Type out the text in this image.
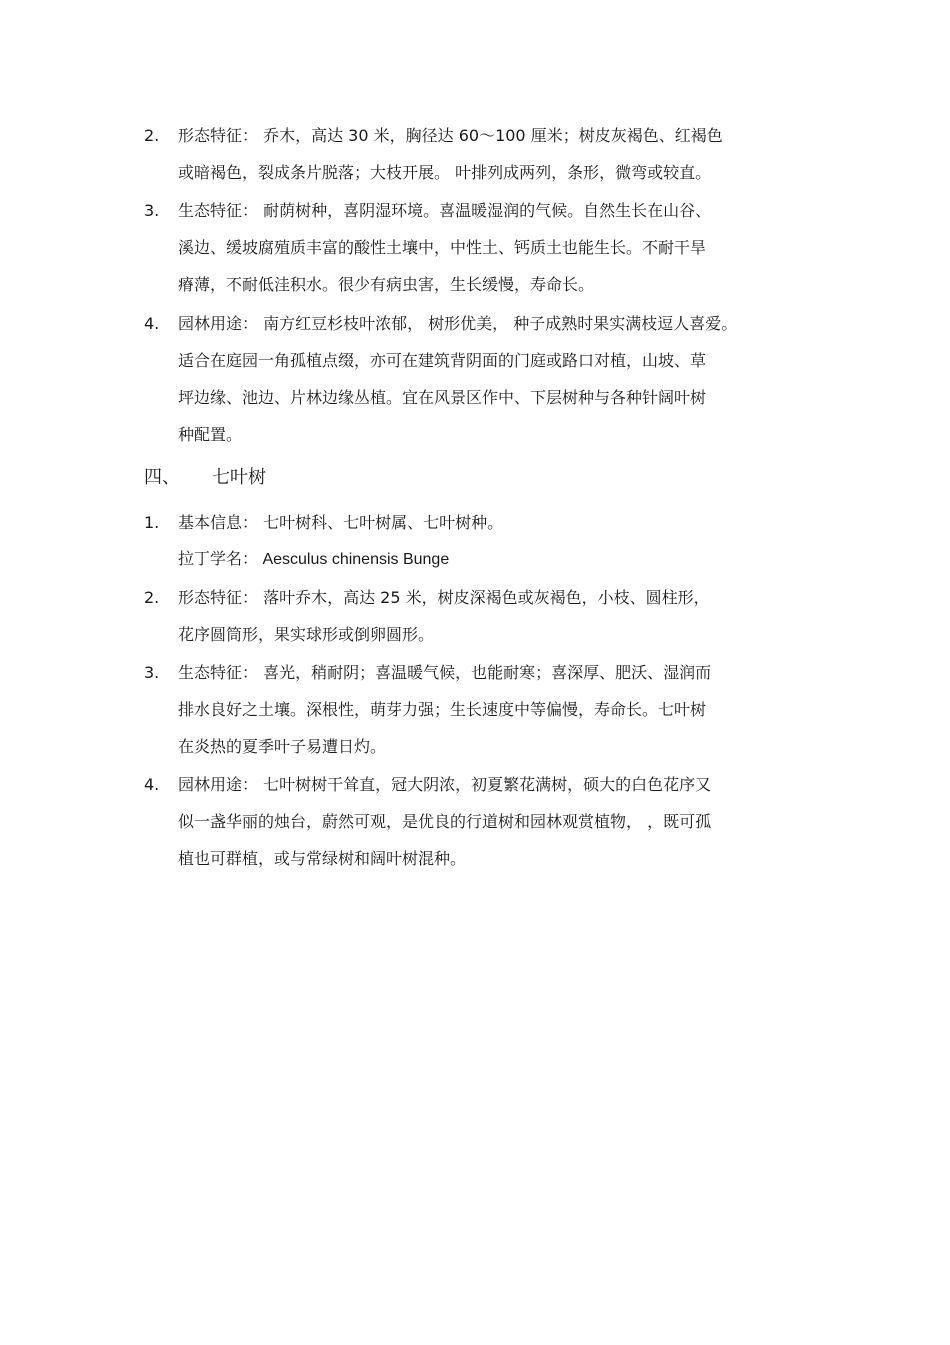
2. 形态特征： 乔木，高达 30 米，胸径达 60～100 厘米；树皮灰褐色、红褐色
或暗褐色，裂成条片脱落；大枝开展。 叶排列成两列，条形，微弯或较直。
3. 生态特征： 耐荫树种，喜阴湿环境。喜温暖湿润的气候。自然生长在山谷、
溪边、缓坡腐殖质丰富的酸性土壤中，中性土、钙质土也能生长。不耐干旱
瘠薄，不耐低洼积水。很少有病虫害，生长缓慢，寿命长。
4. 园林用途： 南方红豆杉枝叶浓郁， 树形优美， 种子成熟时果实满枝逗人喜爱。
适合在庭园一角孤植点缀，亦可在建筑背阴面的门庭或路口对植，山坡、草
坪边缘、池边、片林边缘丛植。宜在风景区作中、下层树种与各种针阔叶树
种配置。
四、 七叶树
1. 基本信息： 七叶树科、七叶树属、七叶树种。
拉丁学名： Aesculus chinensis Bunge
2. 形态特征： 落叶乔木，高达 25 米，树皮深褐色或灰褐色，小枝、圆柱形，
花序圆筒形，果实球形或倒卵圆形。
3. 生态特征： 喜光，稍耐阴；喜温暖气候，也能耐寒；喜深厚、肥沃、湿润而
排水良好之土壤。深根性，萌芽力强；生长速度中等偏慢，寿命长。七叶树
在炎热的夏季叶子易遭日灼。
4. 园林用途： 七叶树树干耸直，冠大阴浓，初夏繁花满树，硕大的白色花序又
似一盏华丽的烛台，蔚然可观，是优良的行道树和园林观赏植物， ，既可孤
植也可群植，或与常绿树和阔叶树混种。
